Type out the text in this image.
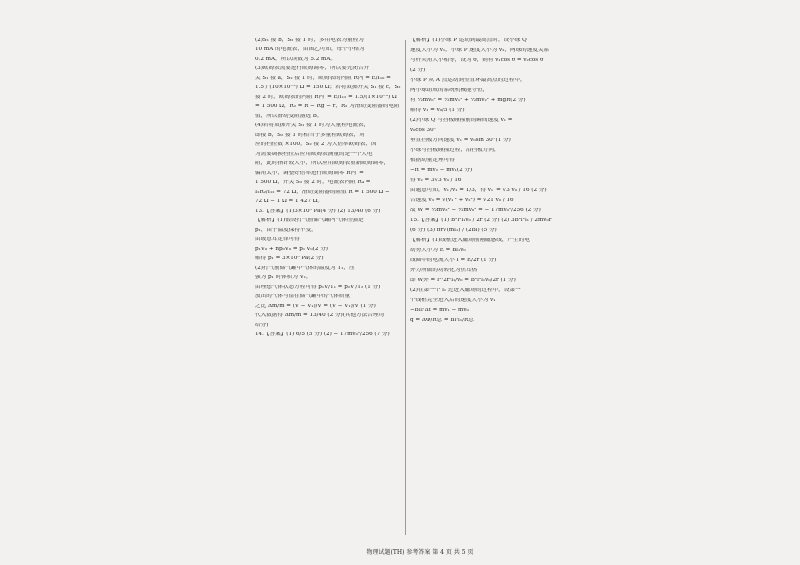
(2)S₁ 接 b，S₂ 接 1 时，多用电表为量程为
10 mA 的电流表，由图乙可知，每个小格为
0.2 mA，所以读数为 5.2 mA。
(3)欧姆表需要进行欧姆调零，所以要先闭合开
关 S₁ 接 a，S₂ 接 1 时，欧姆表的内阻 R内 = E/I₁₀ =
1.5 / (10×10⁻³) Ω = 150 Ω；若将双掷开关 S₁ 接 c，S₂
接 2 时，欧姆表的内阻 R内′ = E/I₁₂ = 1.5/(1×10⁻³) Ω
= 1 500 Ω，R₂ = R − Rg − r，R₂ 为滑动变阻器的电阻
值，所以滑动变阻器选 B。
(4)若将双掷开关 S₁ 接 1 时为大量程电流表，
即接 b，S₂ 接 1 时相当于多量程欧姆表，对
应的档位数 ×100，S₂ 接 2 为大倍率欧姆表，因
为需要调换档位后应用欧姆表测量的是一个大电
阻，此时指针较大小，所以应用欧姆表重新欧姆调零，
偏角太小，调整好倍率进行欧姆调零 R内′ =
1 500 Ω，开关 S₂ 接 2 时，电流表内阻 R₄ =
I₂R₂/I₁₂ = 72 Ω，滑动变阻器的阻值 R = 1 500 Ω −
72 Ω − 1 Ω = 1 427 Ω。
13.【答案】(1)3×10⁵ Pa(4 分) (2) 13/40 (6 分)
【解析】(1)假设打气前储气罐内气体压强是
p₁，由于温度保持不变，
由玻意耳定律可得
p₁V₀ + np₀V₀ = p₁′V₀(2 分)
解得 p₁ = 3×10⁵ Pa(2 分)
(2)打气前储气罐中气体的温度为 T₁，压
强为 p₁ 时体积为 V₁，
由理想气体状态方程可得 p₁V/T₁ = p₂V′/T₂ (1 分)
放出的气体与留在储气罐中的气体质量
之比 Δm/m = (V − V₁)/V = (V − V₁)/V (1 分)
代入数据得 Δm/m = 13/40 (2 分)(其他方法合理均
给分)
14.【答案】(1) 6/5 (5 分) (2) − 17mv₀²/256 (7 分)
【解析】(1)小球 P 运动到最高点时，设小球 Q
速度大小为 v₁，小球 P 速度大小为 v₂，两球的速度关系
与杆夹角大小相等，设为 θ，则有 v₁cos θ = v₂cos θ
(2 分)
小球 P 从 A 点运动到竖直环最高点的过程中，
两小球组成的系统机械能守恒，
有 ½mv₀² = ½mv₁² + ½mv₂² + mgR(2 分)
解得 v₁ = v₀/5 (1 分)
(2)小球 Q 与挡板碰撞前的瞬间速度 v₁ =
v₀cos 30°
垂直挡板方向速度 v₁ = v₀sin 30°(1 分)
小球与挡板碰撞过程，沿挡板方向，
根据动量定理可得
−ft = mv₂ − mv₁(2 分)
得 v₂ = 3√3 v₀ / 16
由题意可知，v₁′/v₁ = 1/3，得 v₁′ = √3 v₀ / 16 (2 分)
合速度 v₃ = √(v₁′² + v₂²) = √21 v₀ / 16
故 W = ½mv₃² − ½mv₀² = − 17mv₀²/256 (2 分)
15.【答案】(1) B²l²l₁v₀ / 2r (2 分) (2) 3B²l²l₁ / 2mv₀r
(6 分) (3) πr√(ml₁) / (2Bl) (5 分)
【解析】(1)线框进入磁场前刚磁感线，产生的电
动势大小为 E = Bl₁v₀
线圈中的电流大小 I = E/2r (1 分)
外力所做的功转化为焦耳热
即 W外 = I²·2r·l₁/v₀ = B²l²l₁v₀/2r (1 分)
(2)在第一个 l₁ 过进入磁场的过程中，设第一
个线框完全进入后的速度大小为 v₁
−BIl·Δt = mv₁ − mv₀
q = ΔΦ/R总 = Bl·l₁/R总
物理试题(TH) 参考答案 第 4 页 共 5 页
